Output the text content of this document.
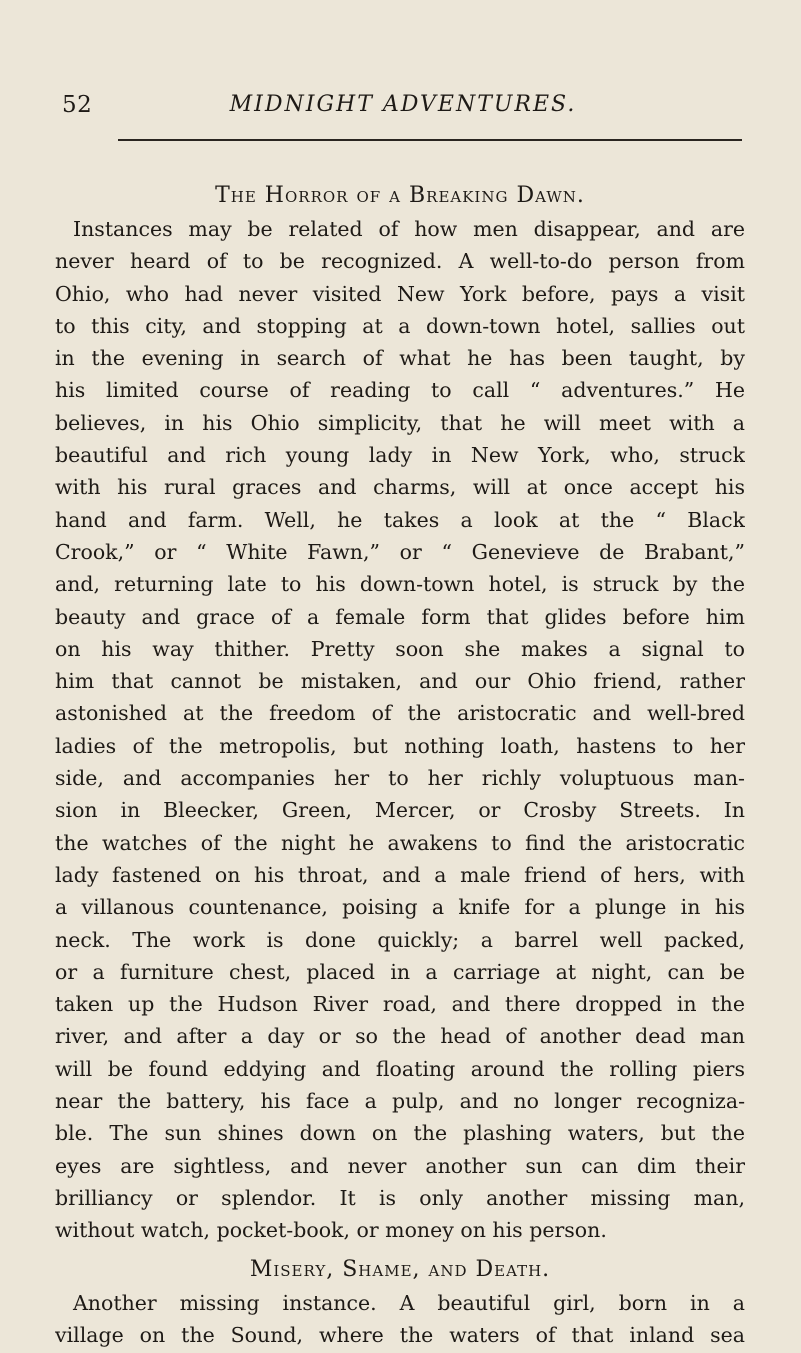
52	MIDNIGHT ADVENTURES.
The Horror of a Breaking Dawn.
Instances may be related of how men disappear, and are
never heard of to be recognized. A well-to-do person from
Ohio, who had never visited New York before, pays a visit
to this city, and stopping at a down-town hotel, sallies out
in the evening in search of what he has been taught, by
his limited course of reading to call “ adventures.” He
believes, in his Ohio simplicity, that he will meet with a
beautiful and rich young lady in New York, who, struck
with his rural graces and charms, will at once accept his
hand and farm. Well, he takes a look at the “ Black
Crook,” or “ White Fawn,” or “ Genevieve de Brabant,”
and, returning late to his down-town hotel, is struck by the
beauty and grace of a female form that glides before him
on his way thither. Pretty soon she makes a signal to
him that cannot be mistaken, and our Ohio friend, rather
astonished at the freedom of the aristocratic and well-bred
ladies of the metropolis, but nothing loath, hastens to her
side, and accompanies her to her richly voluptuous man-
sion in Bleecker, Green, Mercer, or Crosby Streets. In
the watches of the night he awakens to find the aristocratic
lady fastened on his throat, and a male friend of hers, with
a villanous countenance, poising a knife for a plunge in his
neck. The work is done quickly; a barrel well packed,
or a furniture chest, placed in a carriage at night, can be
taken up the Hudson River road, and there dropped in the
river, and after a day or so the head of another dead man
will be found eddying and floating around the rolling piers
near the battery, his face a pulp, and no longer recogniza-
ble. The sun shines down on the plashing waters, but the
eyes are sightless, and never another sun can dim their
brilliancy or splendor. It is only another missing man,
without watch, pocket-book, or money on his person.
Misery, Shame, and Death.
Another missing instance. A beautiful girl, born in a
village on the Sound, where the waters of that inland sea
